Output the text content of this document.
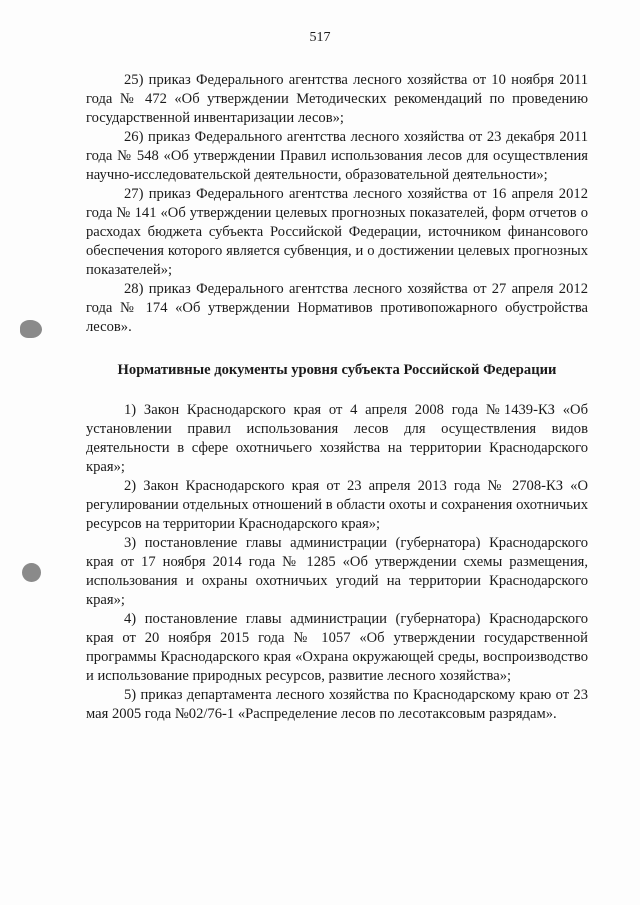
517

25) приказ Федерального агентства лесного хозяйства от 10 ноября 2011 года № 472 «Об утверждении Методических рекомендаций по проведению государственной инвентаризации лесов»;

26) приказ Федерального агентства лесного хозяйства от 23 декабря 2011 года № 548 «Об утверждении Правил использования лесов для осуществления научно-исследовательской деятельности, образовательной деятельности»;

27) приказ Федерального агентства лесного хозяйства от 16 апреля 2012 года № 141 «Об утверждении целевых прогнозных показателей, форм отчетов о расходах бюджета субъекта Российской Федерации, источником финансового обеспечения которого является субвенция, и о достижении целевых прогнозных показателей»;

28) приказ Федерального агентства лесного хозяйства от 27 апреля 2012 года № 174 «Об утверждении Нормативов противопожарного обустройства лесов».

Нормативные документы уровня субъекта Российской Федерации

1) Закон Краснодарского края от 4 апреля 2008 года №1439-КЗ «Об установлении правил использования лесов для осуществления видов деятельности в сфере охотничьего хозяйства на территории Краснодарского края»;

2) Закон Краснодарского края от 23 апреля 2013 года № 2708-КЗ «О регулировании отдельных отношений в области охоты и сохранения охотничьих ресурсов на территории Краснодарского края»;

3) постановление главы администрации (губернатора) Краснодарского края от 17 ноября 2014 года № 1285 «Об утверждении схемы размещения, использования и охраны охотничьих угодий на территории Краснодарского края»;

4) постановление главы администрации (губернатора) Краснодарского края от 20 ноября 2015 года № 1057 «Об утверждении государственной программы Краснодарского края «Охрана окружающей среды, воспроизводство и использование природных ресурсов, развитие лесного хозяйства»;

5) приказ департамента лесного хозяйства по Краснодарскому краю от 23 мая 2005 года №02/76-1 «Распределение лесов по лесотаксовым разрядам».
